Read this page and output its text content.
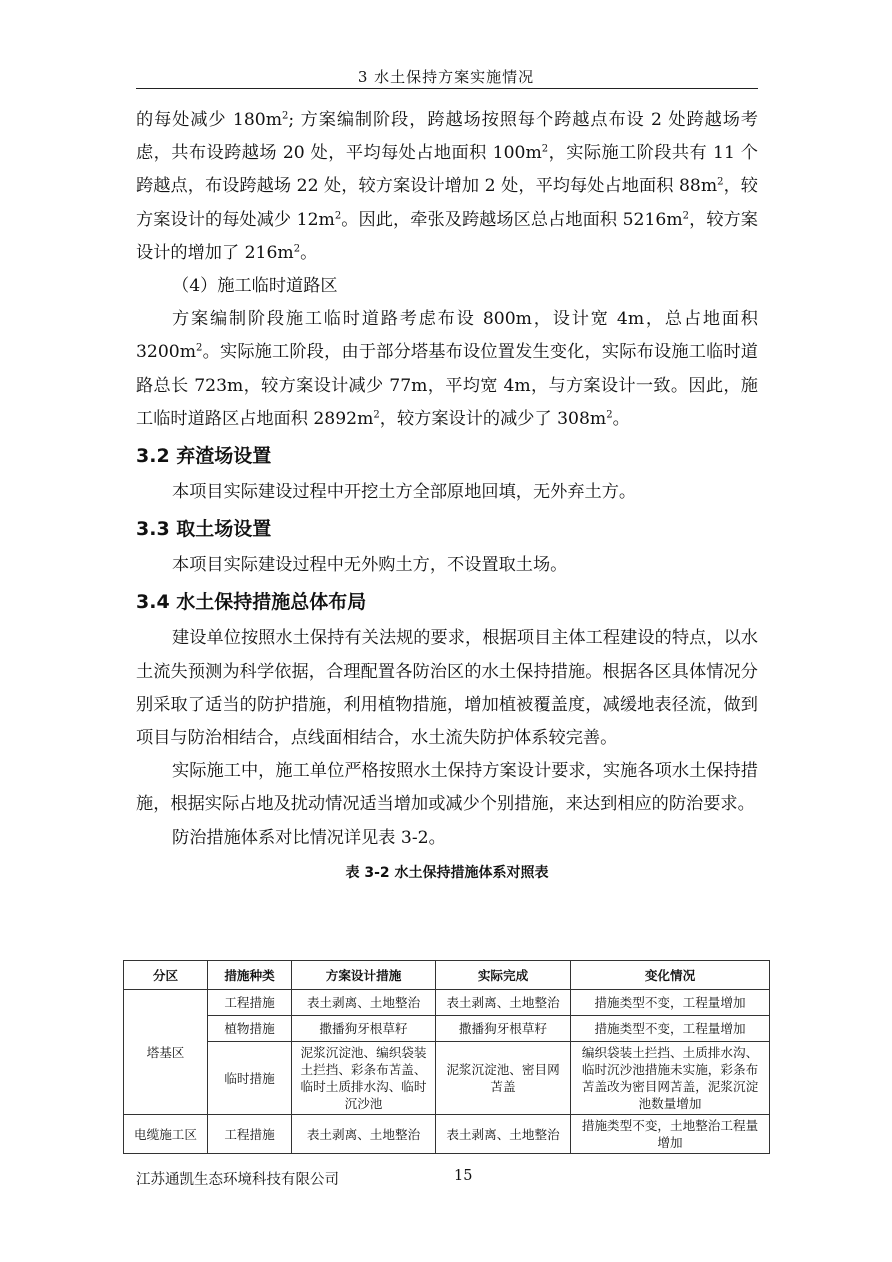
3 水土保持方案实施情况

的每处减少 $180m^2$; 方案编制阶段，跨越场按照每个跨越点布设 2 处跨越场考虑，共布设跨越场 20 处，平均每处占地面积 $100m^2$，实际施工阶段共有 11 个跨越点，布设跨越场 22 处，较方案设计增加 2 处，平均每处占地面积 $88m^2$，较方案设计的每处减少 $12m^2$。因此，牵张及跨越场区总占地面积 $5216m^2$，较方案设计的增加了 $216m^2$。

（4）施工临时道路区

方案编制阶段施工临时道路考虑布设 800m，设计宽 4m，总占地面积 $3200m^2$。实际施工阶段，由于部分塔基布设位置发生变化，实际布设施工临时道路总长 723m，较方案设计减少 77m，平均宽 4m，与方案设计一致。因此，施工临时道路区占地面积 $2892m^2$，较方案设计的减少了 $308m^2$。

3.2 弃渣场设置

本项目实际建设过程中开挖土方全部原地回填，无外弃土方。

3.3 取土场设置

本项目实际建设过程中无外购土方，不设置取土场。

3.4 水土保持措施总体布局

建设单位按照水土保持有关法规的要求，根据项目主体工程建设的特点，以水土流失预测为科学依据，合理配置各防治区的水土保持措施。根据各区具体情况分别采取了适当的防护措施，利用植物措施，增加植被覆盖度，减缓地表径流，做到项目与防治相结合，点线面相结合，水土流失防护体系较完善。

实际施工中，施工单位严格按照水土保持方案设计要求，实施各项水土保持措施，根据实际占地及扰动情况适当增加或减少个别措施，来达到相应的防治要求。

防治措施体系对比情况详见表 3-2。

表 3-2 水土保持措施体系对照表
分区	措施种类	方案设计措施	实际完成	变化情况
塔基区	工程措施	表土剥离、土地整治	表土剥离、土地整治	措施类型不变，工程量增加
	植物措施	撒播狗牙根草籽	撒播狗牙根草籽	措施类型不变，工程量增加
	临时措施	泥浆沉淀池、编织袋装土拦挡、彩条布苫盖、临时土质排水沟、临时沉沙池	泥浆沉淀池、密目网苫盖	编织袋装土拦挡、土质排水沟、临时沉沙池措施未实施，彩条布苫盖改为密目网苫盖，泥浆沉淀池数量增加
电缆施工区	工程措施	表土剥离、土地整治	表土剥离、土地整治	措施类型不变，土地整治工程量增加
江苏通凯生态环境科技有限公司	15
